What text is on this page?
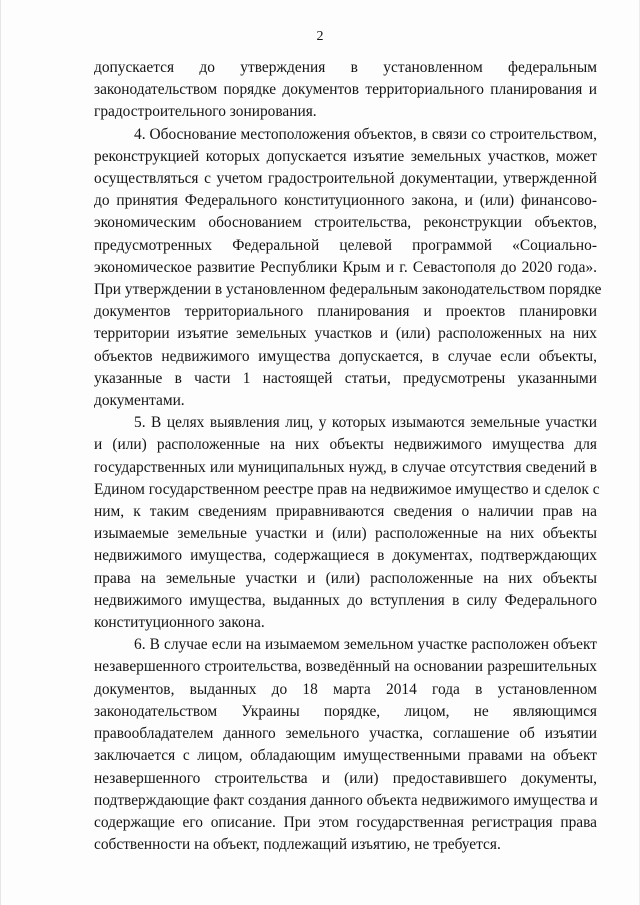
2

допускается до утверждения в установленном федеральным
законодательством порядке документов территориального планирования и
градостроительного зонирования.

4. Обоснование местоположения объектов, в связи со строительством,
реконструкцией которых допускается изъятие земельных участков, может
осуществляться с учетом градостроительной документации, утвержденной
до принятия Федерального конституционного закона, и (или) финансово-
экономическим обоснованием строительства, реконструкции объектов,
предусмотренных Федеральной целевой программой «Социально-
экономическое развитие Республики Крым и г. Севастополя до 2020 года».
При утверждении в установленном федеральным законодательством порядке
документов территориального планирования и проектов планировки
территории изъятие земельных участков и (или) расположенных на них
объектов недвижимого имущества допускается, в случае если объекты,
указанные в части 1 настоящей статьи, предусмотрены указанными
документами.

5. В целях выявления лиц, у которых изымаются земельные участки
и (или) расположенные на них объекты недвижимого имущества для
государственных или муниципальных нужд, в случае отсутствия сведений в
Едином государственном реестре прав на недвижимое имущество и сделок с
ним, к таким сведениям приравниваются сведения о наличии прав на
изымаемые земельные участки и (или) расположенные на них объекты
недвижимого имущества, содержащиеся в документах, подтверждающих
права на земельные участки и (или) расположенные на них объекты
недвижимого имущества, выданных до вступления в силу Федерального
конституционного закона.

6. В случае если на изымаемом земельном участке расположен объект
незавершенного строительства, возведённый на основании разрешительных
документов, выданных до 18 марта 2014 года в установленном
законодательством Украины порядке, лицом, не являющимся
правообладателем данного земельного участка, соглашение об изъятии
заключается с лицом, обладающим имущественными правами на объект
незавершенного строительства и (или) предоставившего документы,
подтверждающие факт создания данного объекта недвижимого имущества и
содержащие его описание. При этом государственная регистрация права
собственности на объект, подлежащий изъятию, не требуется.
